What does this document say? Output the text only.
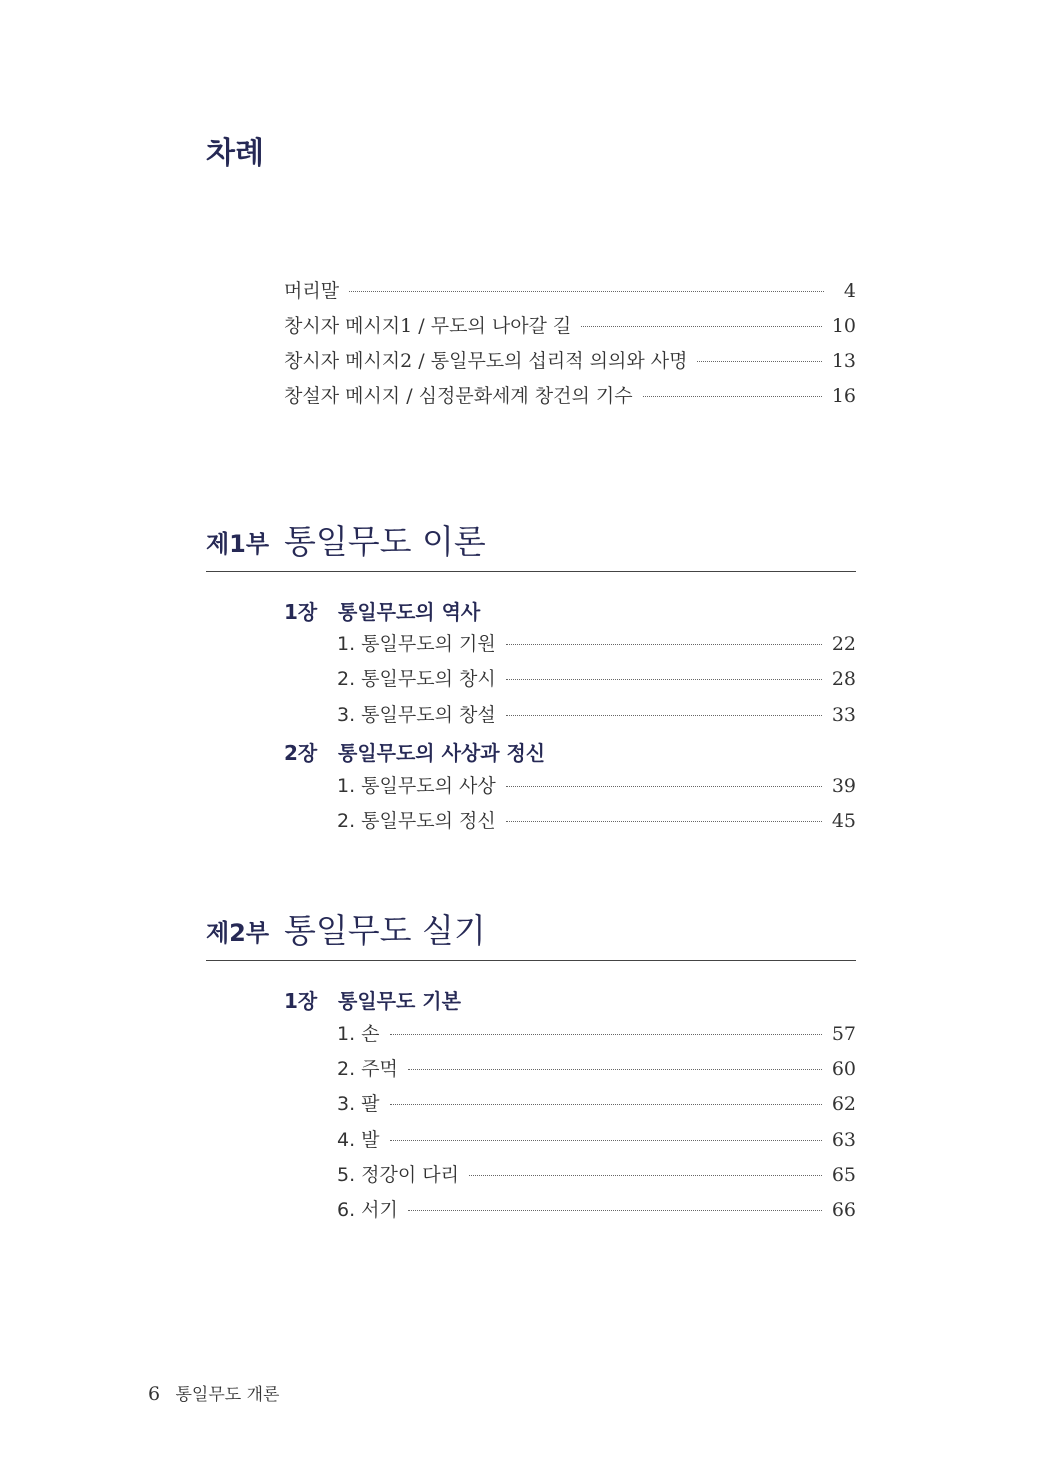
차례
머리말	4
창시자 메시지1 / 무도의 나아갈 길	10
창시자 메시지2 / 통일무도의 섭리적 의의와 사명	13
창설자 메시지 / 심정문화세계 창건의 기수	16
제1부 통일무도 이론
1장 통일무도의 역사
1. 통일무도의 기원	22
2. 통일무도의 창시	28
3. 통일무도의 창설	33
2장 통일무도의 사상과 정신
1. 통일무도의 사상	39
2. 통일무도의 정신	45
제2부 통일무도 실기
1장 통일무도 기본
1. 손	57
2. 주먹	60
3. 팔	62
4. 발	63
5. 정강이 다리	65
6. 서기	66
6 통일무도 개론
